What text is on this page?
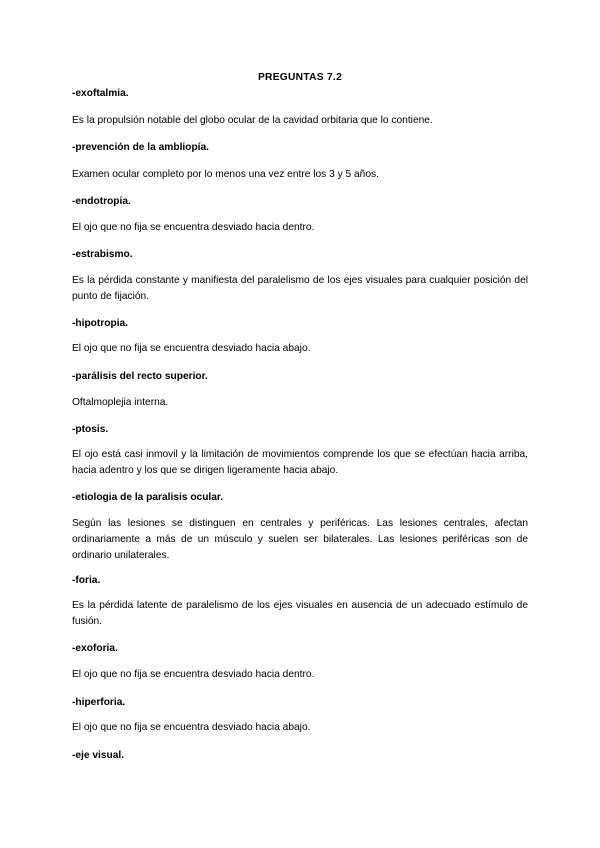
PREGUNTAS 7.2
-exoftalmia.
Es la propulsión notable del globo ocular de la cavidad orbitaria que lo contiene.
-prevención de la ambliopía.
Examen ocular completo por lo menos una vez entre los 3 y 5 años.
-endotropia.
El ojo que no fija se encuentra desviado hacia dentro.
-estrabismo.
Es la pérdida constante y manifiesta del paralelismo de los ejes visuales para cualquier posición del punto de fijación.
-hipotropia.
El ojo que no fija se encuentra desviado hacia abajo.
-parálisis del recto superior.
Oftalmoplejia interna.
-ptosis.
El ojo está casi inmovil y la limitación de movimientos comprende los que se efectúan hacia arriba, hacia adentro y los que se dirigen ligeramente hacia abajo.
-etiologia de la paralisis ocular.
Según las lesiones se distinguen en centrales y periféricas. Las lesiones centrales, afectan ordinariamente a más de un músculo y suelen ser bilaterales. Las lesiones periféricas son de ordinario unilaterales.
-foria.
Es la pérdida latente de paralelismo de los ejes visuales en ausencia de un adecuado estímulo de fusión.
-exoforia.
El ojo que no fija se encuentra desviado hacia dentro.
-hiperforia.
El ojo que no fija se encuentra desviado hacia abajo.
-eje visual.
